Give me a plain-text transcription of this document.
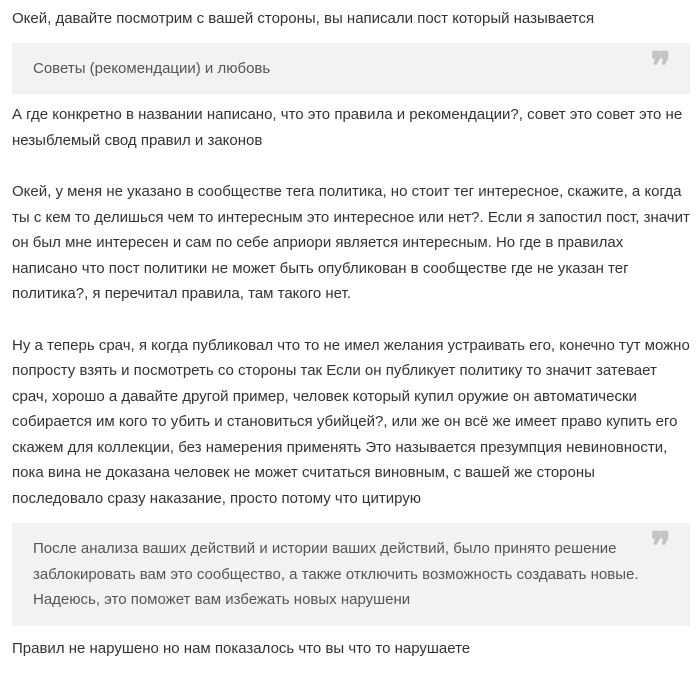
Окей, давайте посмотрим с вашей стороны, вы написали пост который называется

Советы (рекомендации) и любовь	❞

А где конкретно в названии написано, что это правила и рекомендации?, совет это совет это не незыблемый свод правил и законов

Окей, у меня не указано в сообществе тега политика, но стоит тег интересное, скажите, а когда ты с кем то делишься чем то интересным это интересное или нет?. Если я запостил пост, значит он был мне интересен и сам по себе априори является интересным. Но где в правилах написано что пост политики не может быть опубликован в сообществе где не указан тег политика?, я перечитал правила, там такого нет.

Ну а теперь срач, я когда публиковал что то не имел желания устраивать его, конечно тут можно попросту взять и посмотреть со стороны так Если он публикует политику то значит затевает срач, хорошо а давайте другой пример, человек который купил оружие он автоматически собирается им кого то убить и становиться убийцей?, или же он всё же имеет право купить его скажем для коллекции, без намерения применять Это называется презумпция невиновности, пока вина не доказана человек не может считаться виновным, с вашей же стороны последовало сразу наказание, просто потому что цитирую

После анализа ваших действий и истории ваших действий, было принято решение заблокировать вам это сообщество, а также отключить возможность создавать новые. Надеюсь, это поможет вам избежать новых нарушени
❞

Правил не нарушено но нам показалось что вы что то нарушаете
